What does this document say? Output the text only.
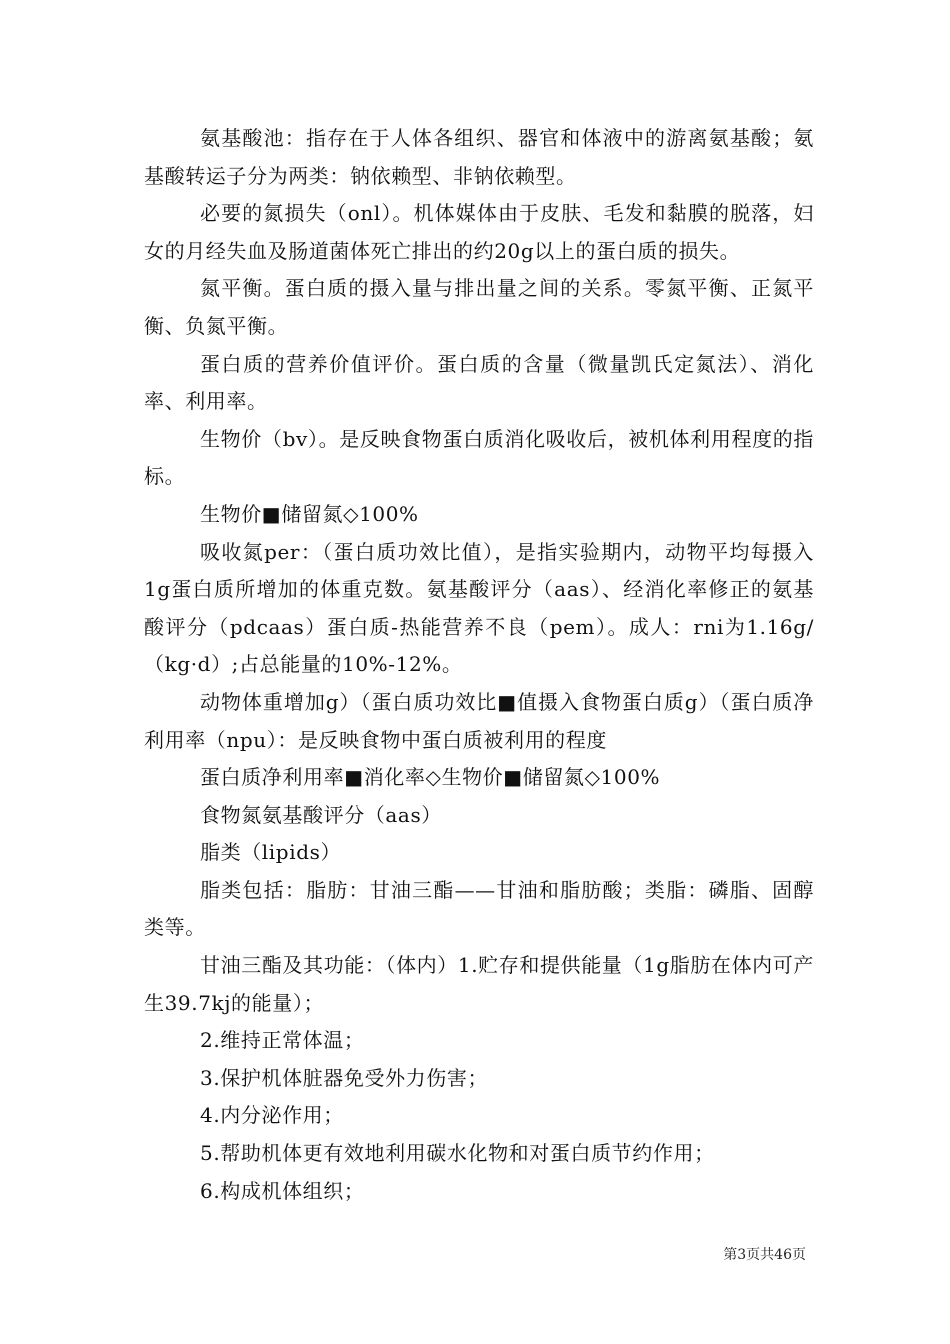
氨基酸池：指存在于人体各组织、器官和体液中的游离氨基酸；氨基酸转运子分为两类：钠依赖型、非钠依赖型。

必要的氮损失（onl）。机体媒体由于皮肤、毛发和黏膜的脱落，妇女的月经失血及肠道菌体死亡排出的约20g以上的蛋白质的损失。

氮平衡。蛋白质的摄入量与排出量之间的关系。零氮平衡、正氮平衡、负氮平衡。

蛋白质的营养价值评价。蛋白质的含量（微量凯氏定氮法）、消化率、利用率。

生物价（bv）。是反映食物蛋白质消化吸收后，被机体利用程度的指标。

生物价■储留氮◇100%

吸收氮per：（蛋白质功效比值），是指实验期内，动物平均每摄入1g蛋白质所增加的体重克数。氨基酸评分（aas）、经消化率修正的氨基酸评分（pdcaas）蛋白质-热能营养不良（pem）。成人：rni为1.16g/（kg·d）;占总能量的10%-12%。

动物体重增加g）（蛋白质功效比■值摄入食物蛋白质g）（蛋白质净利用率（npu）：是反映食物中蛋白质被利用的程度

蛋白质净利用率■消化率◇生物价■储留氮◇100%

食物氮氨基酸评分（aas）

脂类（lipids）

脂类包括：脂肪：甘油三酯——甘油和脂肪酸；类脂：磷脂、固醇类等。

甘油三酯及其功能：（体内）1.贮存和提供能量（1g脂肪在体内可产生39.7kj的能量）；

2.维持正常体温；

3.保护机体脏器免受外力伤害；

4.内分泌作用；

5.帮助机体更有效地利用碳水化物和对蛋白质节约作用；

6.构成机体组织；

第3页共46页
